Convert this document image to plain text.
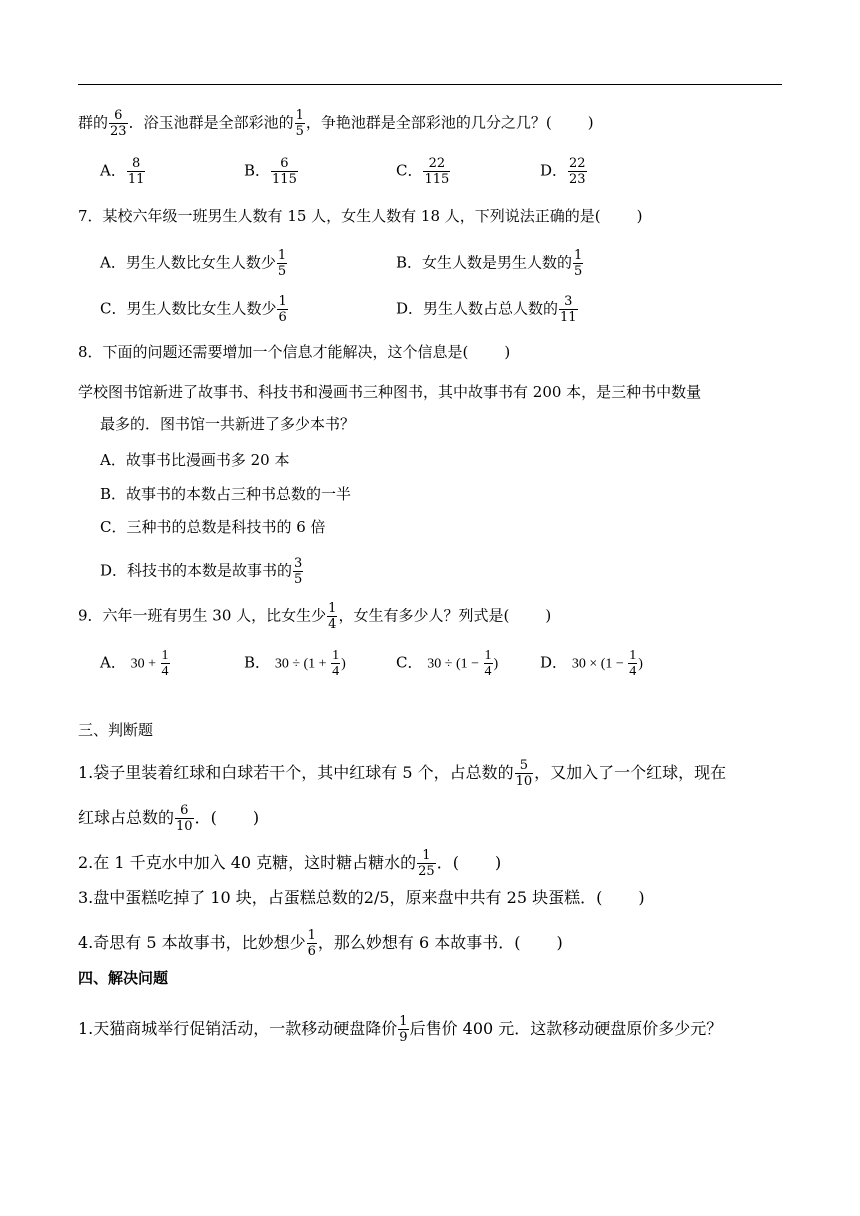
群的 $\frac{6}{23}$ ．浴玉池群是全部彩池的 $\frac{1}{5}$ ，争艳池群是全部彩池的几分之几？( )
A． $\frac{8}{11}$	B． $\frac{6}{115}$	C． $\frac{22}{115}$	D． $\frac{22}{23}$
7．某校六年级一班男生人数有 15 人，女生人数有 18 人，下列说法正确的是( )
A．男生人数比女生人数少 $\frac{1}{5}$	B．女生人数是男生人数的 $\frac{1}{5}$
C．男生人数比女生人数少 $\frac{1}{6}$	D．男生人数占总人数的 $\frac{3}{11}$
8．下面的问题还需要增加一个信息才能解决，这个信息是( )
学校图书馆新进了故事书、科技书和漫画书三种图书，其中故事书有 200 本，是三种书中数量
最多的．图书馆一共新进了多少本书？
A．故事书比漫画书多 20 本
B．故事书的本数占三种书总数的一半
C．三种书的总数是科技书的 6 倍
D．科技书的本数是故事书的 $\frac{3}{5}$
9．六年一班有男生 30 人，比女生少 $\frac{1}{4}$ ，女生有多少人？列式是( )
A． $30 + \frac{1}{4}$	B． $30 \div (1 + \frac{1}{4}$ )	C． $30 \div (1 - \frac{1}{4}$ )	D． $30 \times (1 - \frac{1}{4}$ )
三、判断题
1.袋子里装着红球和白球若干个，其中红球有 5 个，占总数的 $\frac{5}{10}$ ，又加入了一个红球，现在
红球占总数的 $\frac{6}{10}$ ．( )
2.在 1 千克水中加入 40 克糖，这时糖占糖水的 $\frac{1}{25}$ ．( )
3.盘中蛋糕吃掉了 10 块，占蛋糕总数的2/5，原来盘中共有 25 块蛋糕．( )
4.奇思有 5 本故事书，比妙想少 $\frac{1}{6}$ ，那么妙想有 6 本故事书．( )
四、解决问题
1.天猫商城举行促销活动，一款移动硬盘降价 $\frac{1}{9}$ 后售价 400 元．这款移动硬盘原价多少元？
